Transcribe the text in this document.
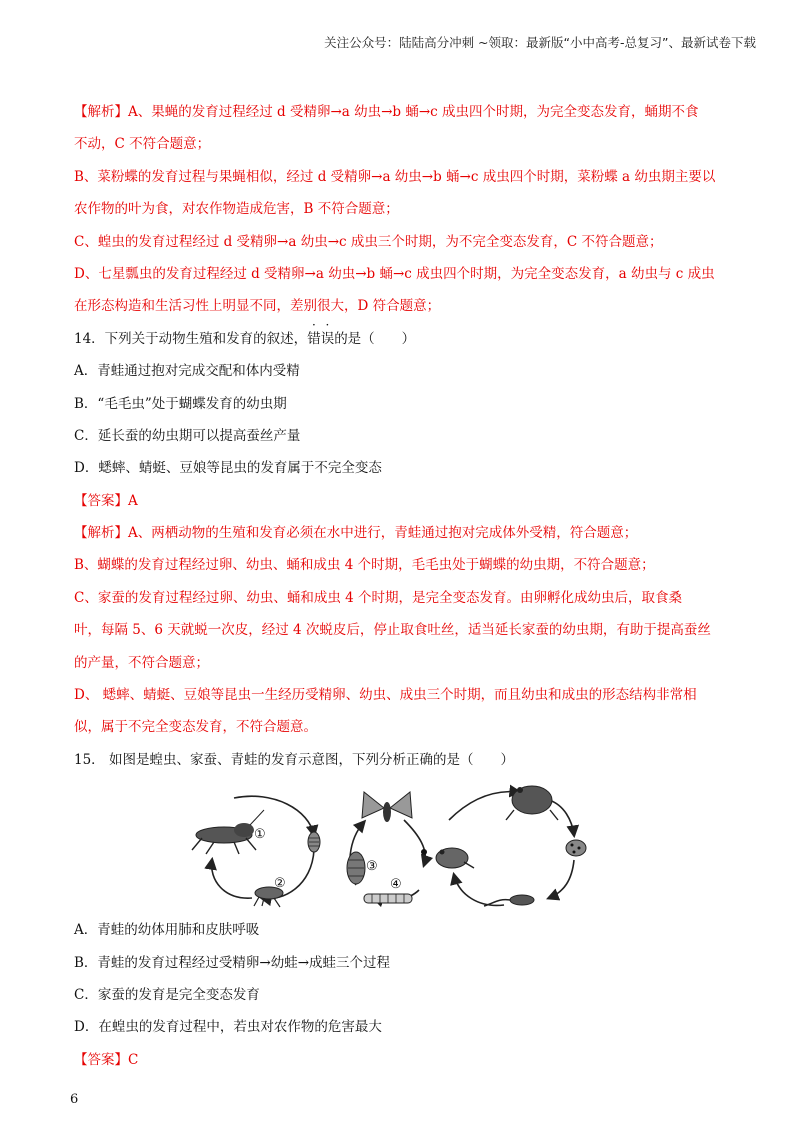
关注公众号：陆陆高分冲刺 ~领取：最新版“小中高考-总复习”、最新试卷下载
【解析】A、果蝇的发育过程经过 d 受精卵→a 幼虫→b 蛹→c 成虫四个时期，为完全变态发育，蛹期不食
不动，C 不符合题意；
B、菜粉蝶的发育过程与果蝇相似，经过 d 受精卵→a 幼虫→b 蛹→c 成虫四个时期，菜粉蝶 a 幼虫期主要以
农作物的叶为食，对农作物造成危害，B 不符合题意；
C、蝗虫的发育过程经过 d 受精卵→a 幼虫→c 成虫三个时期，为不完全变态发育，C 不符合题意；
D、七星瓢虫的发育过程经过 d 受精卵→a 幼虫→b 蛹→c 成虫四个时期，为完全变态发育，a 幼虫与 c 成虫
在形态构造和生活习性上明显不同，差别很大，D 符合题意；
14．下列关于动物生殖和发育的叙述，错误的是（　　）
A．青蛙通过抱对完成交配和体内受精
B．“毛毛虫”处于蝴蝶发育的幼虫期
C．延长蚕的幼虫期可以提高蚕丝产量
D．蟋蟀、蜻蜓、豆娘等昆虫的发育属于不完全变态
【答案】A
【解析】A、两栖动物的生殖和发育必须在水中进行，青蛙通过抱对完成体外受精，符合题意；
B、蝴蝶的发育过程经过卵、幼虫、蛹和成虫 4 个时期，毛毛虫处于蝴蝶的幼虫期，不符合题意；
C、家蚕的发育过程经过卵、幼虫、蛹和成虫 4 个时期，是完全变态发育。由卵孵化成幼虫后，取食桑
叶，每隔 5、6 天就蜕一次皮，经过 4 次蜕皮后，停止取食吐丝，适当延长家蚕的幼虫期，有助于提高蚕丝
的产量，不符合题意；
D、 蟋蟀、蜻蜓、豆娘等昆虫一生经历受精卵、幼虫、成虫三个时期，而且幼虫和成虫的形态结构非常相
似，属于不完全变态发育，不符合题意。
15． 如图是蝗虫、家蚕、青蛙的发育示意图，下列分析正确的是（　　）
①
②
③
④
A．青蛙的幼体用肺和皮肤呼吸
B．青蛙的发育过程经过受精卵→幼蛙→成蛙三个过程
C．家蚕的发育是完全变态发育
D．在蝗虫的发育过程中，若虫对农作物的危害最大
【答案】C
6
